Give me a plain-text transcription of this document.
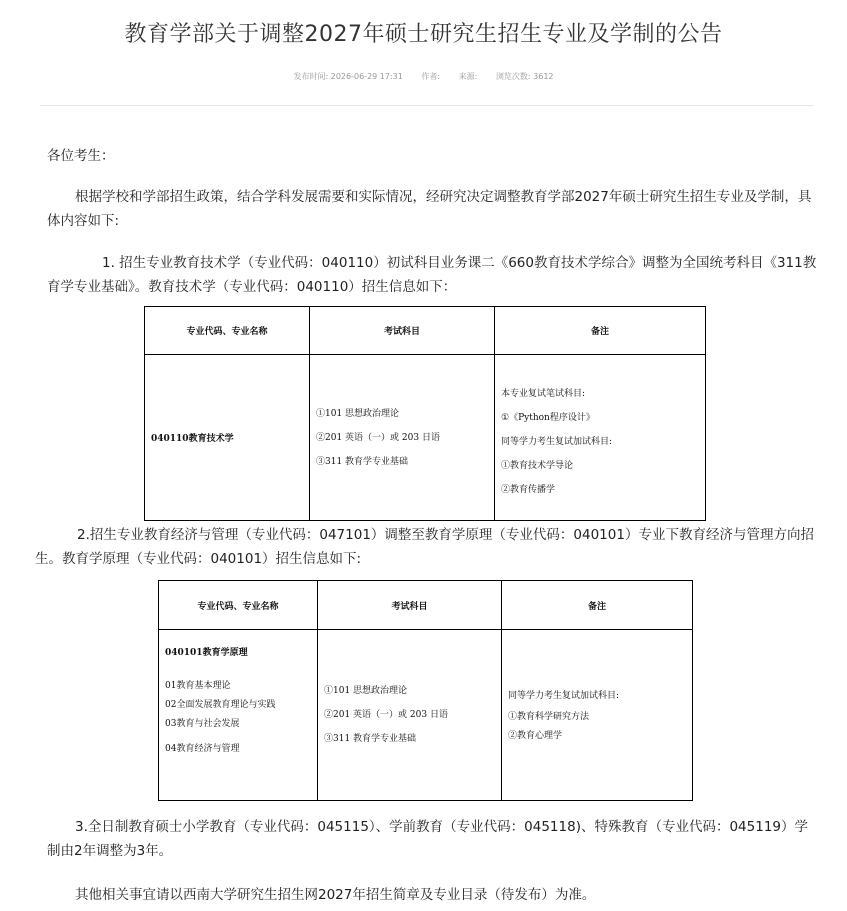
教育学部关于调整2027年硕士研究生招生专业及学制的公告
发布时间: 2026-06-29 17:31 作者: 来源: 浏览次数: 3612

各位考生：

根据学校和学部招生政策，结合学科发展需要和实际情况，经研究决定调整教育学部2027年硕士研究生招生专业及学制，具体内容如下:

1. 招生专业教育技术学（专业代码：040110）初试科目业务课二《660教育技术学综合》调整为全国统考科目《311教育学专业基础》。教育技术学（专业代码：040110）招生信息如下：

专业代码、专业名称	考试科目	备注
040110教育技术学	①101 思想政治理论
②201 英语（一）或 203 日语
③311 教育学专业基础	本专业复试笔试科目:
①《Python程序设计》
同等学力考生复试加试科目:
①教育技术学导论
②教育传播学

2.招生专业教育经济与管理（专业代码：047101）调整至教育学原理（专业代码：040101）专业下教育经济与管理方向招生。教育学原理（专业代码：040101）招生信息如下:

专业代码、专业名称	考试科目	备注

040101教育学原理
01教育基本理论
02全面发展教育理论与实践
03教育与社会发展
04教育经济与管理	①101 思想政治理论
②201 英语（一）或 203 日语
③311 教育学专业基础	同等学力考生复试加试科目:
①教育科学研究方法
②教育心理学

3.全日制教育硕士小学教育（专业代码：045115）、学前教育（专业代码：045118)、特殊教育（专业代码：045119）学制由2年调整为3年。

其他相关事宜请以西南大学研究生招生网2027年招生简章及专业目录（待发布）为准。
